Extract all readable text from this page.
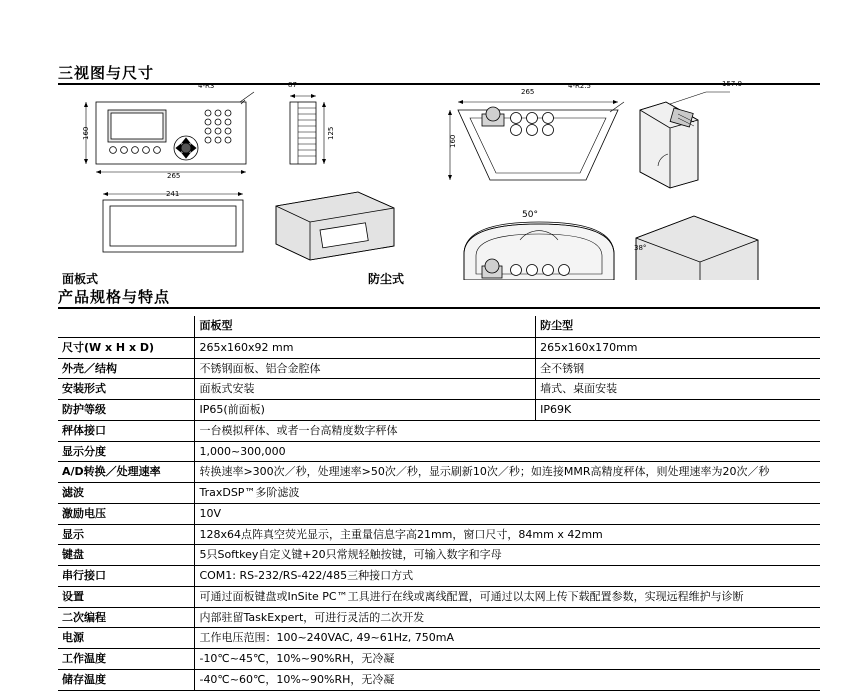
三视图与尺寸
265
160
4-R3	87
125
241
265
160
4-R2.5	157.9
38°
50°
面板式	防尘式
产品规格与特点
	面板型	防尘型
尺寸(W x H x D)	265x160x92 mm	265x160x170mm
外壳／结构	不锈钢面板、铝合金腔体	全不锈钢
安装形式	面板式安装	墙式、桌面安装
防护等级	IP65(前面板)	IP69K
秤体接口	一台模拟秤体、或者一台高精度数字秤体	
显示分度	1,000~300,000	
A/D转换／处理速率	转换速率>300次／秒，处理速率>50次／秒，显示刷新10次／秒；如连接MMR高精度秤体，则处理速率为20次／秒	
滤波	TraxDSP™多阶滤波	
激励电压	10V	
显示	128x64点阵真空荧光显示，主重量信息字高21mm，窗口尺寸，84mm x 42mm	
键盘	5只Softkey自定义键+20只常规轻触按键，可输入数字和字母	
串行接口	COM1: RS-232/RS-422/485三种接口方式	
设置	可通过面板键盘或InSite PC™工具进行在线或离线配置，可通过以太网上传下载配置参数，实现远程维护与诊断	
二次编程	内部驻留TaskExpert，可进行灵活的二次开发	
电源	工作电压范围：100~240VAC, 49~61Hz, 750mA	
工作温度	-10℃~45℃，10%~90%RH，无冷凝	
储存温度	-40℃~60℃，10%~90%RH，无冷凝	
